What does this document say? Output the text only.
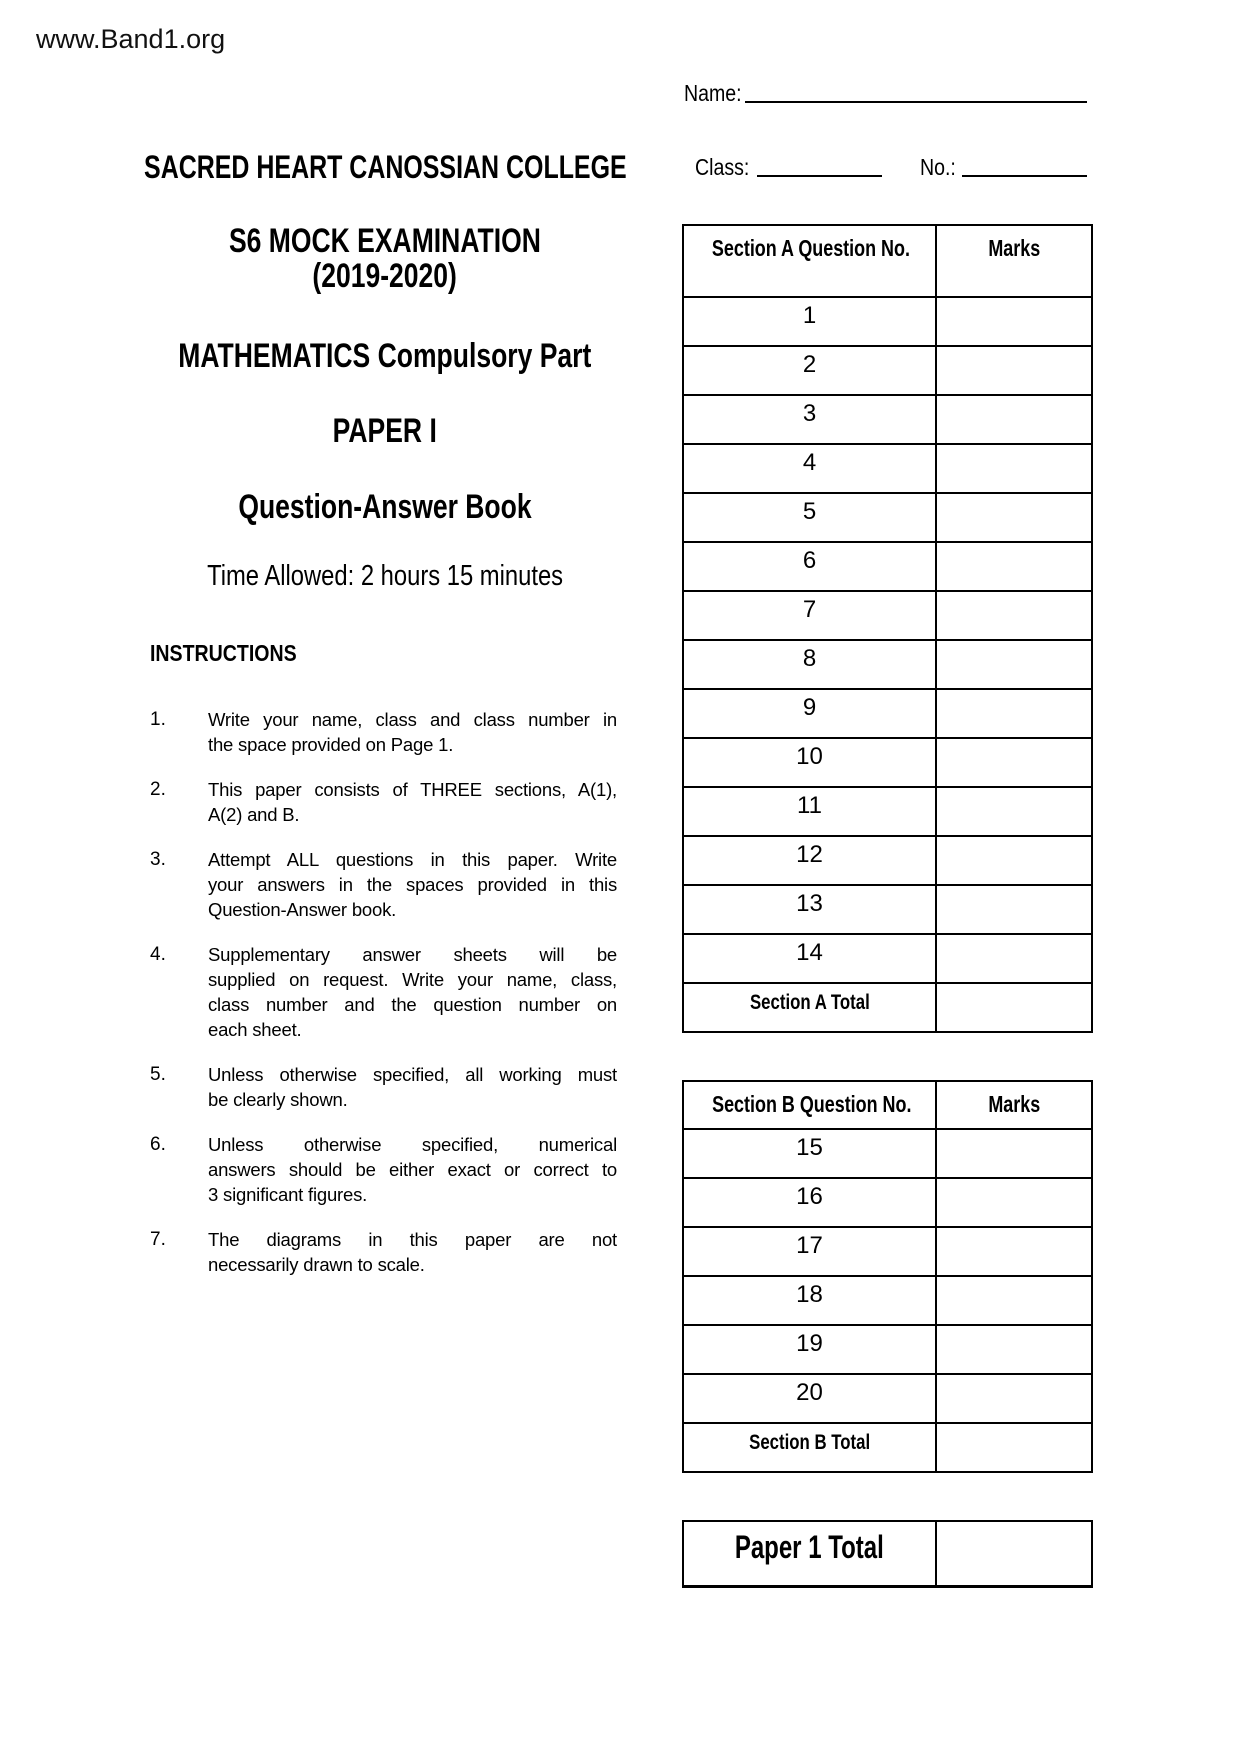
www.Band1.org
Name:
Class:	No.:
SACRED HEART CANOSSIAN COLLEGE
S6 MOCK EXAMINATION
(2019-2020)
MATHEMATICS Compulsory Part
PAPER I
Question-Answer Book
Time Allowed: 2 hours 15 minutes
INSTRUCTIONS
1.	Write your name, class and class number in
the space provided on Page 1.
2.	This paper consists of THREE sections, A(1),
A(2) and B.
3.	Attempt ALL questions in this paper. Write
your answers in the spaces provided in this
Question-Answer book.
4.	Supplementary answer sheets will be
supplied on request. Write your name, class,
class number and the question number on
each sheet.
5.	Unless otherwise specified, all working must
be clearly shown.
6.	Unless otherwise specified, numerical
answers should be either exact or correct to
3 significant figures.
7.	The diagrams in this paper are not
necessarily drawn to scale.
Section A Question No.	Marks
1
2
3
4
5
6
7
8
9
10
11
12
13
14
Section A Total
Section B Question No.	Marks
15
16
17
18
19
20
Section B Total
Paper 1 Total
